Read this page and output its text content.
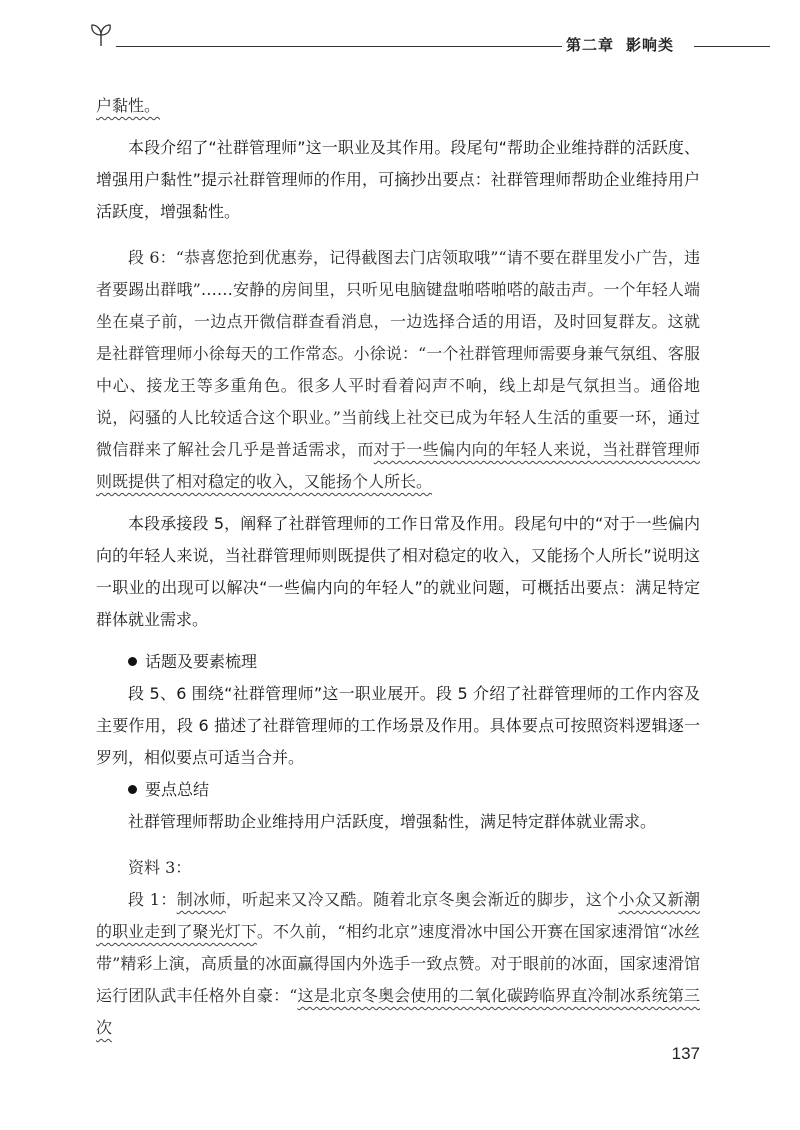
第二章 影响类

户黏性。

本段介绍了“社群管理师”这一职业及其作用。段尾句“帮助企业维持群的活跃度、增强用户黏性”提示社群管理师的作用，可摘抄出要点：社群管理师帮助企业维持用户活跃度，增强黏性。

段 6：“恭喜您抢到优惠券，记得截图去门店领取哦”“请不要在群里发小广告，违者要踢出群哦”……安静的房间里，只听见电脑键盘啪嗒啪嗒的敲击声。一个年轻人端坐在桌子前，一边点开微信群查看消息，一边选择合适的用语，及时回复群友。这就是社群管理师小徐每天的工作常态。小徐说：“一个社群管理师需要身兼气氛组、客服中心、接龙王等多重角色。很多人平时看着闷声不响，线上却是气氛担当。通俗地说，闷骚的人比较适合这个职业。”当前线上社交已成为年轻人生活的重要一环，通过微信群来了解社会几乎是普适需求，而对于一些偏内向的年轻人来说，当社群管理师则既提供了相对稳定的收入，又能扬个人所长。

本段承接段 5，阐释了社群管理师的工作日常及作用。段尾句中的“对于一些偏内向的年轻人来说，当社群管理师则既提供了相对稳定的收入，又能扬个人所长”说明这一职业的出现可以解决“一些偏内向的年轻人”的就业问题，可概括出要点：满足特定群体就业需求。

话题及要素梳理

段 5、6 围绕“社群管理师”这一职业展开。段 5 介绍了社群管理师的工作内容及主要作用，段 6 描述了社群管理师的工作场景及作用。具体要点可按照资料逻辑逐一罗列，相似要点可适当合并。

要点总结

社群管理师帮助企业维持用户活跃度，增强黏性，满足特定群体就业需求。

资料 3：

段 1：制冰师，听起来又冷又酷。随着北京冬奥会渐近的脚步，这个小众又新潮的职业走到了聚光灯下。不久前，“相约北京”速度滑冰中国公开赛在国家速滑馆“冰丝带”精彩上演，高质量的冰面赢得国内外选手一致点赞。对于眼前的冰面，国家速滑馆运行团队武丰任格外自豪：“这是北京冬奥会使用的二氧化碳跨临界直冷制冰系统第三次

137
